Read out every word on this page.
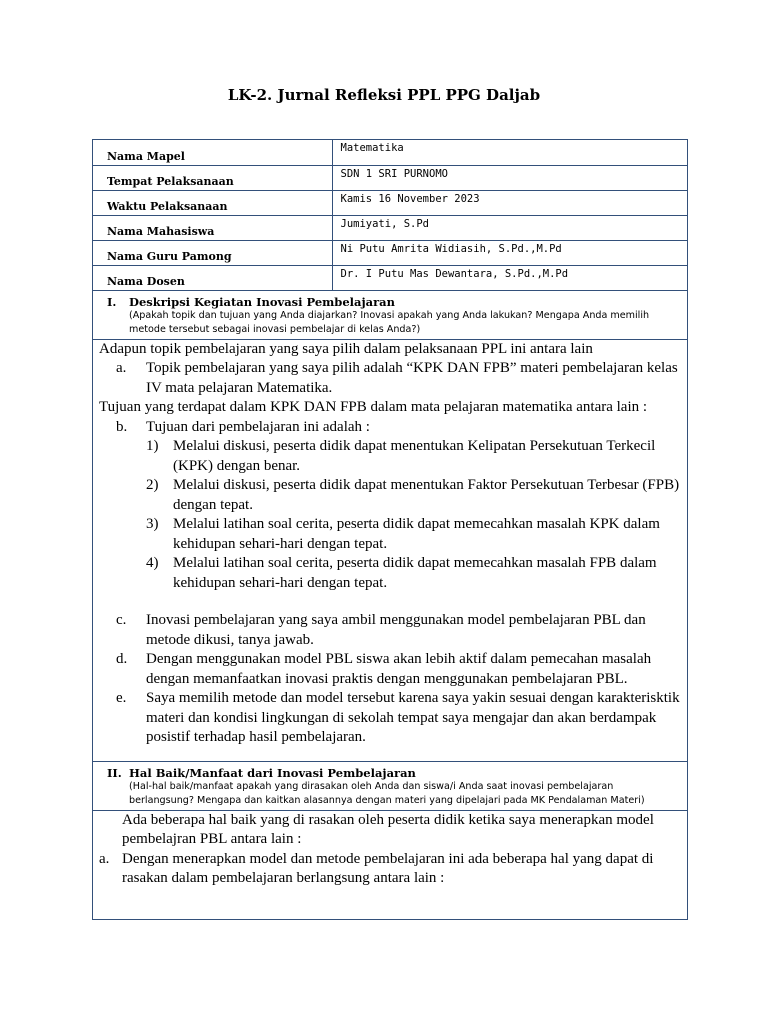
LK-2. Jurnal Refleksi PPL PPG Daljab
Nama Mapel	Matematika
Tempat Pelaksanaan	SDN 1 SRI PURNOMO
Waktu Pelaksanaan	Kamis 16 November 2023
Nama Mahasiswa	Jumiyati, S.Pd
Nama Guru Pamong	Ni Putu Amrita Widiasih, S.Pd.,M.Pd
Nama Dosen	Dr. I Putu Mas Dewantara, S.Pd.,M.Pd
I.	Deskripsi Kegiatan Inovasi Pembelajaran
(Apakah topik dan tujuan yang Anda diajarkan? Inovasi apakah yang Anda lakukan? Mengapa Anda memilih metode tersebut sebagai inovasi pembelajar di kelas Anda?)

Adapun topik pembelajaran yang saya pilih dalam pelaksanaan PPL ini antara lain

a.	Topik pembelajaran yang saya pilih adalah “KPK DAN FPB” materi pembelajaran kelas IV mata pelajaran Matematika.

Tujuan yang terdapat dalam KPK DAN FPB dalam mata pelajaran matematika antara lain :

b.	Tujuan dari pembelajaran ini adalah :
1) Melalui diskusi, peserta didik dapat menentukan Kelipatan Persekutuan Terkecil (KPK) dengan benar.
2) Melalui diskusi, peserta didik dapat menentukan Faktor Persekutuan Terbesar (FPB) dengan tepat.
3) Melalui latihan soal cerita, peserta didik dapat memecahkan masalah KPK dalam kehidupan sehari-hari dengan tepat.
4) Melalui latihan soal cerita, peserta didik dapat memecahkan masalah FPB dalam kehidupan sehari-hari dengan tepat.
c.	Inovasi pembelajaran yang saya ambil menggunakan model pembelajaran PBL dan metode dikusi, tanya jawab.
d.	Dengan menggunakan model PBL siswa akan lebih aktif dalam pemecahan masalah dengan memanfaatkan inovasi praktis dengan menggunakan pembelajaran PBL.
e.	Saya memilih metode dan model tersebut karena saya yakin sesuai dengan karakterisktik materi dan kondisi lingkungan di sekolah tempat saya mengajar dan akan berdampak posistif terhadap hasil pembelajaran.
II. Hal Baik/Manfaat dari Inovasi Pembelajaran
(Hal-hal baik/manfaat apakah yang dirasakan oleh Anda dan siswa/i Anda saat inovasi pembelajaran berlangsung? Mengapa dan kaitkan alasannya dengan materi yang dipelajari pada MK Pendalaman Materi)

Ada beberapa hal baik yang di rasakan oleh peserta didik ketika saya menerapkan model pembelajran PBL antara lain :

a. Dengan menerapkan model dan metode pembelajaran ini ada beberapa hal yang dapat di rasakan dalam pembelajaran berlangsung antara lain :
